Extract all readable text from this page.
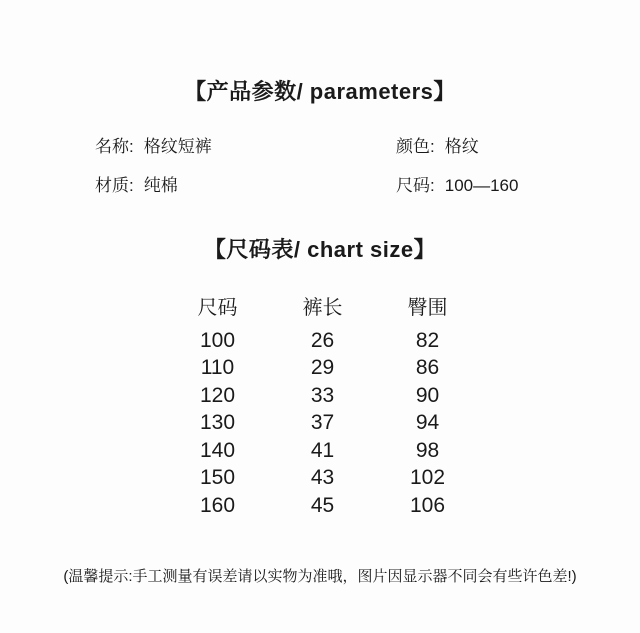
【产品参数/ parameters】
名称: 格纹短裤	颜色: 格纹
材质: 纯棉	尺码: 100—160
【尺码表/ chart size】
尺码	裤长	臀围
100	26	82
110	29	86
120	33	90
130	37	94
140	41	98
150	43	102
160	45	106
(温馨提示:手工测量有误差请以实物为准哦，图片因显示器不同会有些许色差!)
